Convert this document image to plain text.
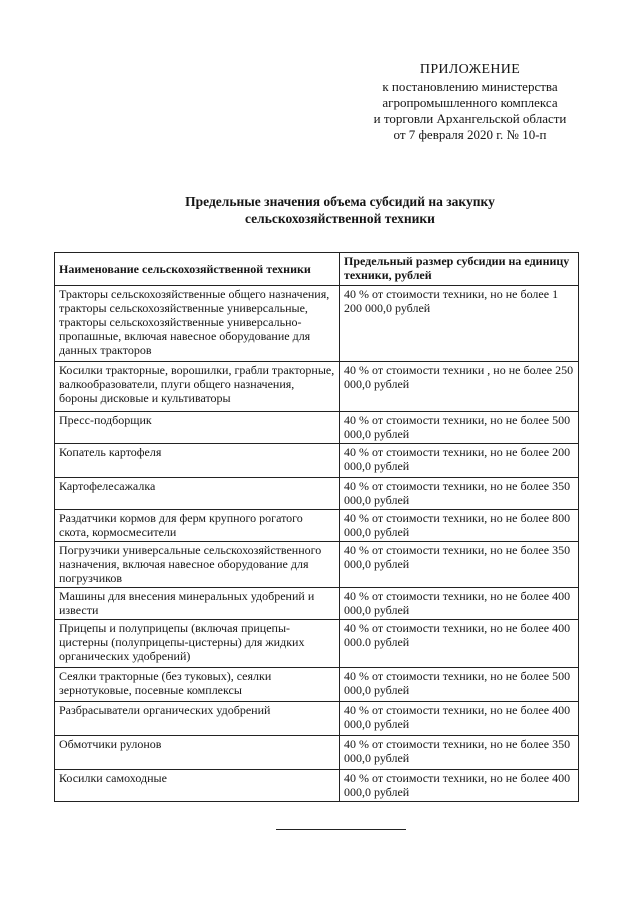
ПРИЛОЖЕНИЕ
к постановлению министерства
агропромышленного комплекса
и торговли Архангельской области
от 7 февраля 2020 г. № 10-п
Предельные значения объема субсидий на закупку
сельскохозяйственной техники
Наименование сельскохозяйственной техники	Предельный размер субсидии на единицу техники, рублей
Тракторы сельскохозяйственные общего назначения, тракторы сельскохозяйственные универсальные, тракторы сельскохозяйственные универсально-пропашные, включая навесное оборудование для данных тракторов	40 % от стоимости техники, но не более 1 200 000,0 рублей
Косилки тракторные, ворошилки, грабли тракторные, валкообразователи, плуги общего назначения, бороны дисковые и культиваторы	40 % от стоимости техники , но не более 250 000,0 рублей
Пресс-подборщик	40 % от стоимости техники, но не более 500 000,0 рублей
Копатель картофеля	40 % от стоимости техники, но не более 200 000,0 рублей
Картофелесажалка	40 % от стоимости техники, но не более 350 000,0 рублей
Раздатчики кормов для ферм крупного рогатого скота, кормосмесители	40 % от стоимости техники, но не более 800 000,0 рублей
Погрузчики универсальные сельскохозяйственного назначения, включая навесное оборудование для погрузчиков	40 % от стоимости техники, но не более 350 000,0 рублей
Машины для внесения минеральных удобрений и извести	40 % от стоимости техники, но не более 400 000,0 рублей
Прицепы и полуприцепы (включая прицепы-цистерны (полуприцепы-цистерны) для жидких органических удобрений)	40 % от стоимости техники, но не более 400 000.0 рублей
Сеялки тракторные (без туковых), сеялки зернотуковые, посевные комплексы	40 % от стоимости техники, но не более 500 000,0 рублей
Разбрасыватели органических удобрений	40 % от стоимости техники, но не более 400 000,0 рублей
Обмотчики рулонов	40 % от стоимости техники, но не более 350 000,0 рублей
Косилки самоходные	40 % от стоимости техники, но не более 400 000,0 рублей
